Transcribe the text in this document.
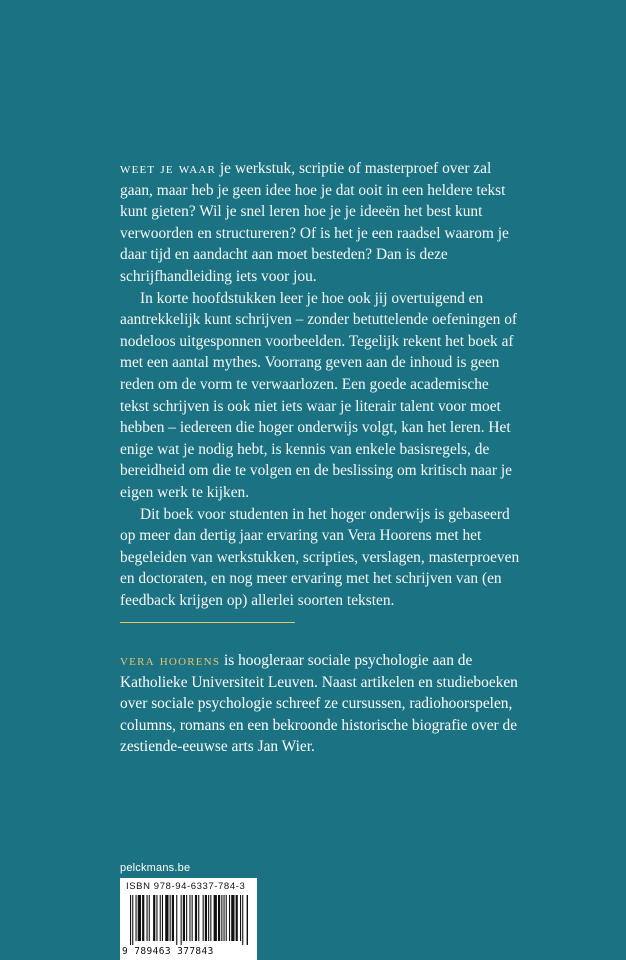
weet je waar je werkstuk, scriptie of masterproef over zal gaan, maar heb je geen idee hoe je dat ooit in een heldere tekst kunt gieten? Wil je snel leren hoe je je ideeën het best kunt verwoorden en structureren? Of is het je een raadsel waarom je daar tijd en aandacht aan moet besteden? Dan is deze schrijfhandleiding iets voor jou.

In korte hoofdstukken leer je hoe ook jij overtuigend en aantrekkelijk kunt schrijven – zonder betuttelende oefeningen of nodeloos uitgesponnen voorbeelden. Tegelijk rekent het boek af met een aantal mythes. Voorrang geven aan de inhoud is geen reden om de vorm te verwaarlozen. Een goede academische tekst schrijven is ook niet iets waar je literair talent voor moet hebben – iedereen die hoger onderwijs volgt, kan het leren. Het enige wat je nodig hebt, is kennis van enkele basisregels, de bereidheid om die te volgen en de beslissing om kritisch naar je eigen werk te kijken.

Dit boek voor studenten in het hoger onderwijs is gebaseerd op meer dan dertig jaar ervaring van Vera Hoorens met het begeleiden van werkstukken, scripties, verslagen, masterproeven en doctoraten, en nog meer ervaring met het schrijven van (en feedback krijgen op) allerlei soorten teksten.

vera hoorens is hoogleraar sociale psychologie aan de Katholieke Universiteit Leuven. Naast artikelen en studieboeken over sociale psychologie schreef ze cursussen, radiohoorspelen, columns, romans en een bekroonde historische biografie over de zestiende-eeuwse arts Jan Wier.
pelckmans.be
ISBN 978-94-6337-784-3
9 789463 377843
